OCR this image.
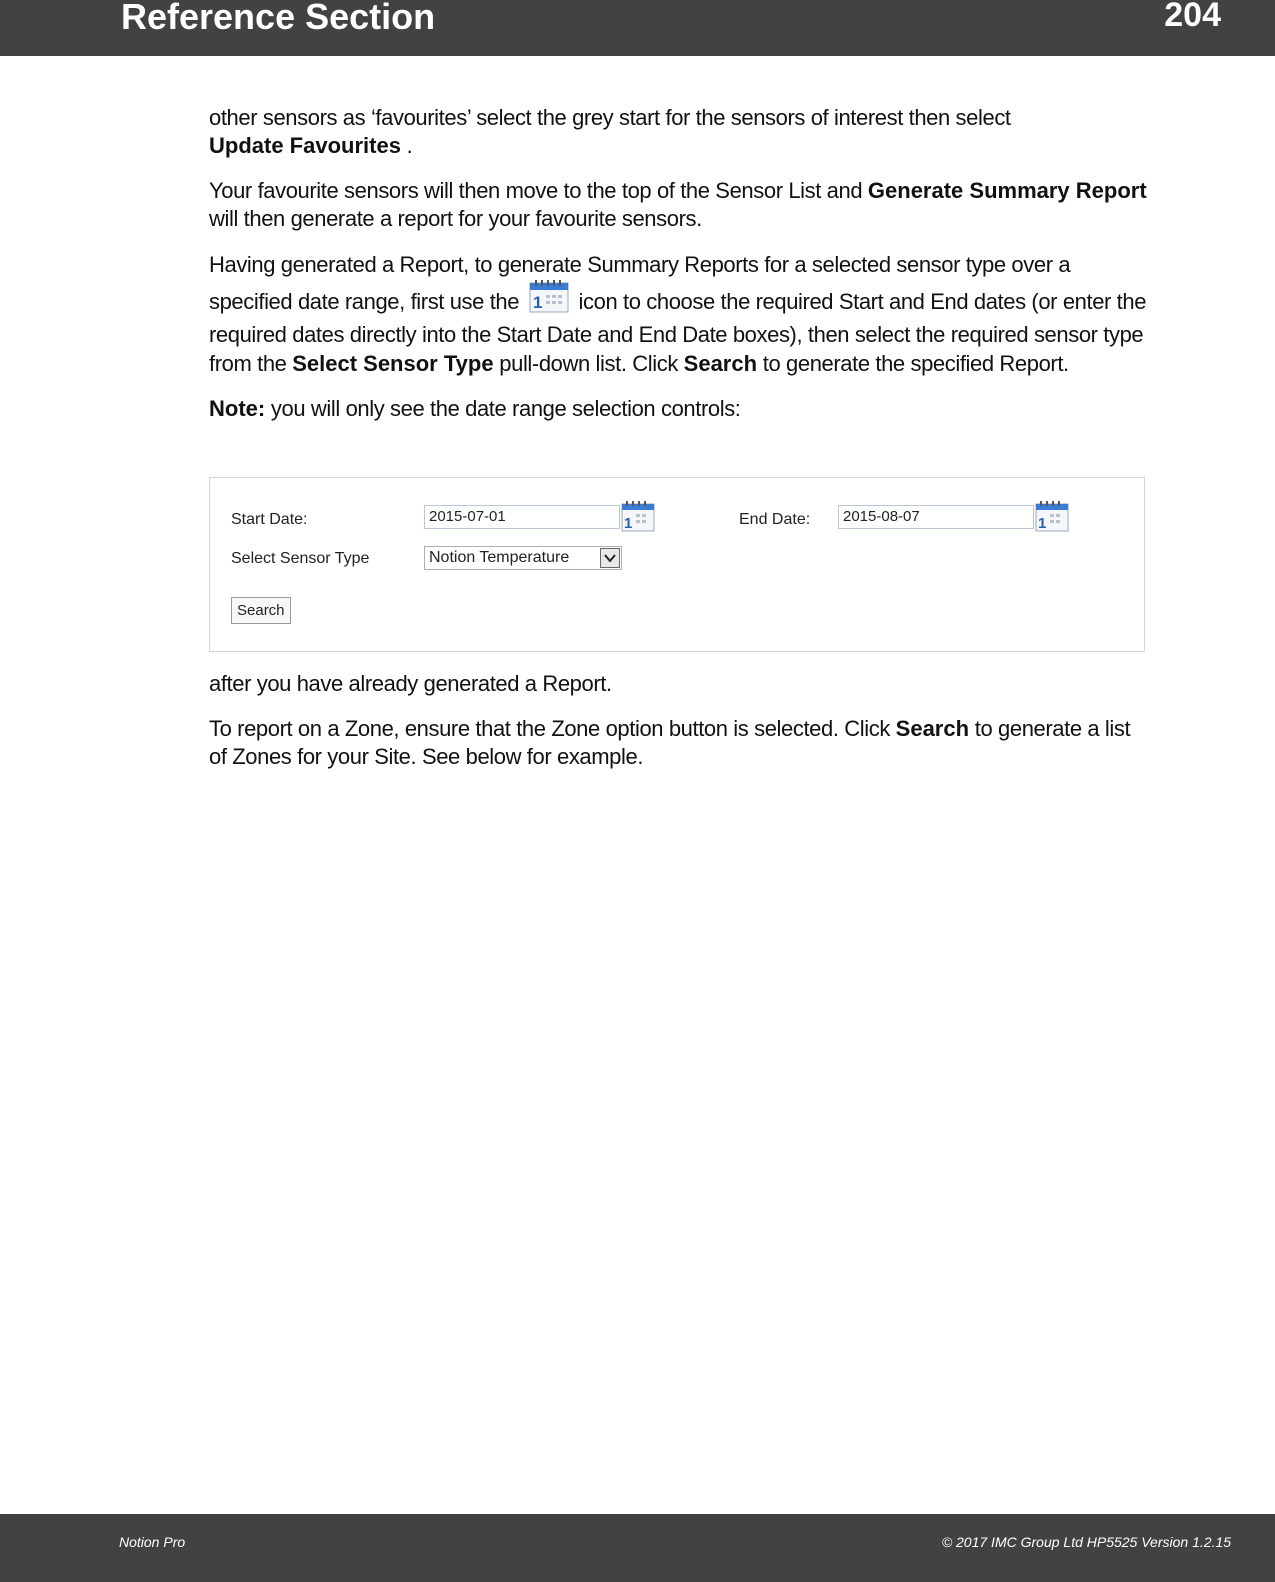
Reference Section	204

other sensors as ‘favourites’ select the grey start for the sensors of interest then select
Update Favourites .

Your favourite sensors will then move to the top of the Sensor List and Generate Summary Report will then generate a report for your favourite sensors.

Having generated a Report, to generate Summary Reports for a selected sensor type over a specified date range, first use the 1 icon to choose the required Start and End dates (or enter the required dates directly into the Start Date and End Date boxes), then select the required sensor type from the Select Sensor Type pull-down list. Click Search to generate the specified Report.

Note: you will only see the date range selection controls:

Start Date:	2015-07-01	1	End Date:	2015-08-07	1
Select Sensor Type	Notion Temperature
Search

after you have already generated a Report.

To report on a Zone, ensure that the Zone option button is selected. Click Search to generate a list of Zones for your Site. See below for example.

Notion Pro	© 2017 IMC Group Ltd HP5525 Version 1.2.15
